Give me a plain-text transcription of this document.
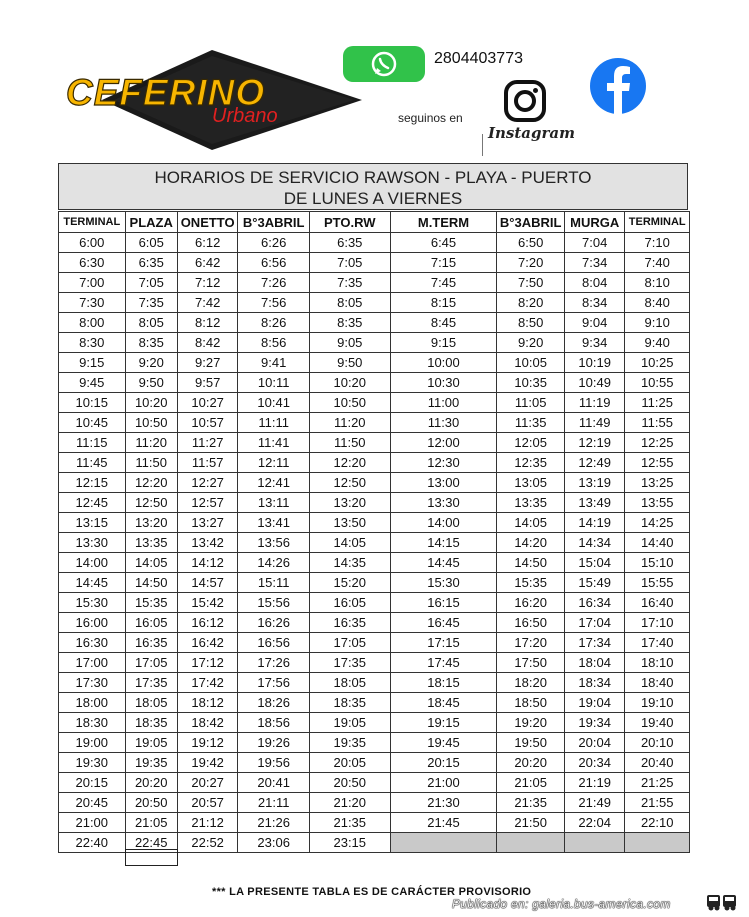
CEFERINO
Urbano
2804403773
seguinos en
Instagram
HORARIOS DE SERVICIO RAWSON - PLAYA - PUERTO
DE LUNES A VIERNES
TERMINAL	PLAZA	ONETTO	B°3ABRIL	PTO.RW	M.TERM	B°3ABRIL	MURGA	TERMINAL
6:00	6:05	6:12	6:26	6:35	6:45	6:50	7:04	7:10
6:30	6:35	6:42	6:56	7:05	7:15	7:20	7:34	7:40
7:00	7:05	7:12	7:26	7:35	7:45	7:50	8:04	8:10
7:30	7:35	7:42	7:56	8:05	8:15	8:20	8:34	8:40
8:00	8:05	8:12	8:26	8:35	8:45	8:50	9:04	9:10
8:30	8:35	8:42	8:56	9:05	9:15	9:20	9:34	9:40
9:15	9:20	9:27	9:41	9:50	10:00	10:05	10:19	10:25
9:45	9:50	9:57	10:11	10:20	10:30	10:35	10:49	10:55
10:15	10:20	10:27	10:41	10:50	11:00	11:05	11:19	11:25
10:45	10:50	10:57	11:11	11:20	11:30	11:35	11:49	11:55
11:15	11:20	11:27	11:41	11:50	12:00	12:05	12:19	12:25
11:45	11:50	11:57	12:11	12:20	12:30	12:35	12:49	12:55
12:15	12:20	12:27	12:41	12:50	13:00	13:05	13:19	13:25
12:45	12:50	12:57	13:11	13:20	13:30	13:35	13:49	13:55
13:15	13:20	13:27	13:41	13:50	14:00	14:05	14:19	14:25
13:30	13:35	13:42	13:56	14:05	14:15	14:20	14:34	14:40
14:00	14:05	14:12	14:26	14:35	14:45	14:50	15:04	15:10
14:45	14:50	14:57	15:11	15:20	15:30	15:35	15:49	15:55
15:30	15:35	15:42	15:56	16:05	16:15	16:20	16:34	16:40
16:00	16:05	16:12	16:26	16:35	16:45	16:50	17:04	17:10
16:30	16:35	16:42	16:56	17:05	17:15	17:20	17:34	17:40
17:00	17:05	17:12	17:26	17:35	17:45	17:50	18:04	18:10
17:30	17:35	17:42	17:56	18:05	18:15	18:20	18:34	18:40
18:00	18:05	18:12	18:26	18:35	18:45	18:50	19:04	19:10
18:30	18:35	18:42	18:56	19:05	19:15	19:20	19:34	19:40
19:00	19:05	19:12	19:26	19:35	19:45	19:50	20:04	20:10
19:30	19:35	19:42	19:56	20:05	20:15	20:20	20:34	20:40
20:15	20:20	20:27	20:41	20:50	21:00	21:05	21:19	21:25
20:45	20:50	20:57	21:11	21:20	21:30	21:35	21:49	21:55
21:00	21:05	21:12	21:26	21:35	21:45	21:50	22:04	22:10
22:40	22:45	22:52	23:06	23:15				
*** LA PRESENTE TABLA ES DE CARÁCTER PROVISORIO
Publicado en: galeria.bus-america.com
